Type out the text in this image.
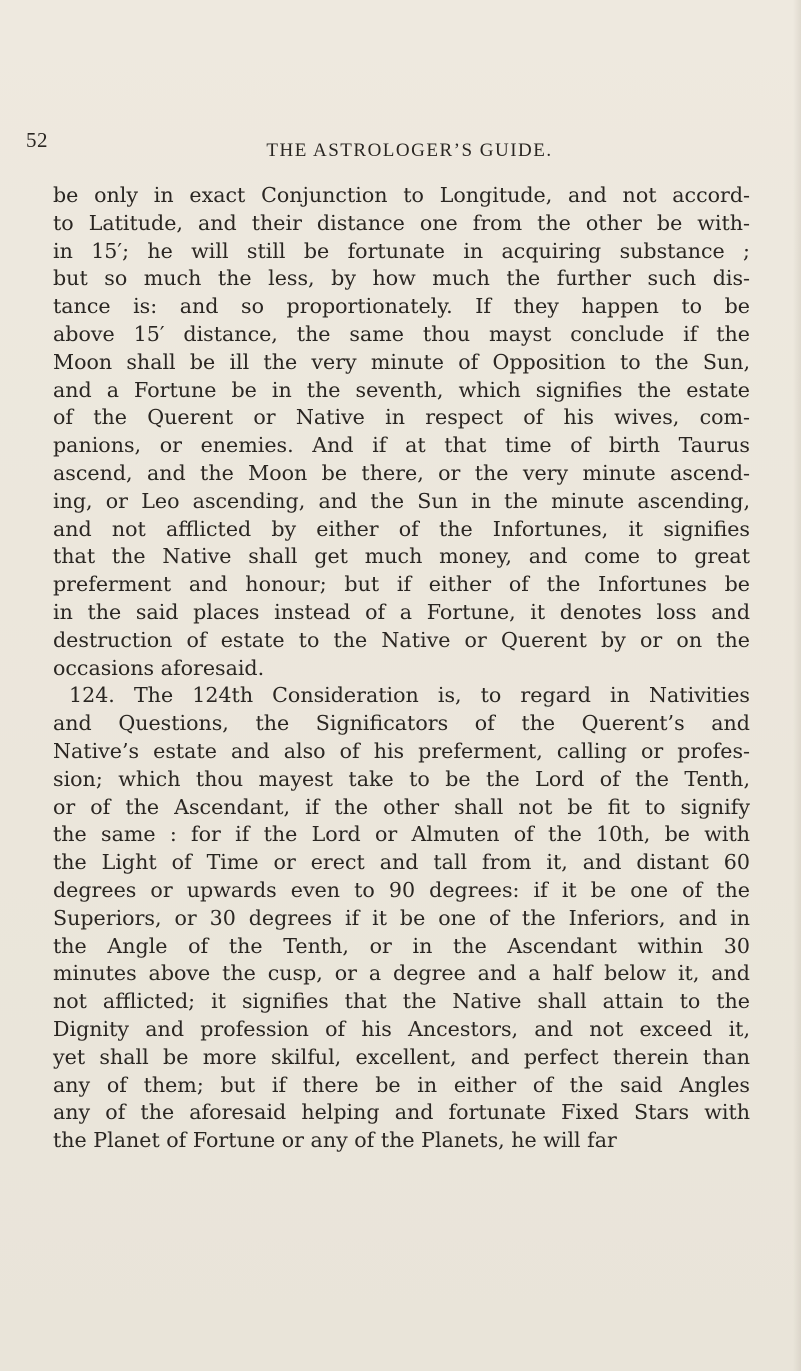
52	THE ASTROLOGER’S GUIDE.
be only in exact Conjunction to Longitude, and not accord-
to Latitude, and their distance one from the other be with-
in 15′; he will still be fortunate in acquiring substance ;
but so much the less, by how much the further such dis-
tance is: and so proportionately. If they happen to be
above 15′ distance, the same thou mayst conclude if the
Moon shall be ill the very minute of Opposition to the Sun,
and a Fortune be in the seventh, which signifies the estate
of the Querent or Native in respect of his wives, com-
panions, or enemies. And if at that time of birth Taurus
ascend, and the Moon be there, or the very minute ascend-
ing, or Leo ascending, and the Sun in the minute ascending,
and not afflicted by either of the Infortunes, it signifies
that the Native shall get much money, and come to great
preferment and honour; but if either of the Infortunes be
in the said places instead of a Fortune, it denotes loss and
destruction of estate to the Native or Querent by or on the
occasions aforesaid.
124. The 124th Consideration is, to regard in Nativities
and Questions, the Significators of the Querent’s and
Native’s estate and also of his preferment, calling or profes-
sion; which thou mayest take to be the Lord of the Tenth,
or of the Ascendant, if the other shall not be fit to signify
the same : for if the Lord or Almuten of the 10th, be with
the Light of Time or erect and tall from it, and distant 60
degrees or upwards even to 90 degrees: if it be one of the
Superiors, or 30 degrees if it be one of the Inferiors, and in
the Angle of the Tenth, or in the Ascendant within 30
minutes above the cusp, or a degree and a half below it, and
not afflicted; it signifies that the Native shall attain to the
Dignity and profession of his Ancestors, and not exceed it,
yet shall be more skilful, excellent, and perfect therein than
any of them; but if there be in either of the said Angles
any of the aforesaid helping and fortunate Fixed Stars with
the Planet of Fortune or any of the Planets, he will far
